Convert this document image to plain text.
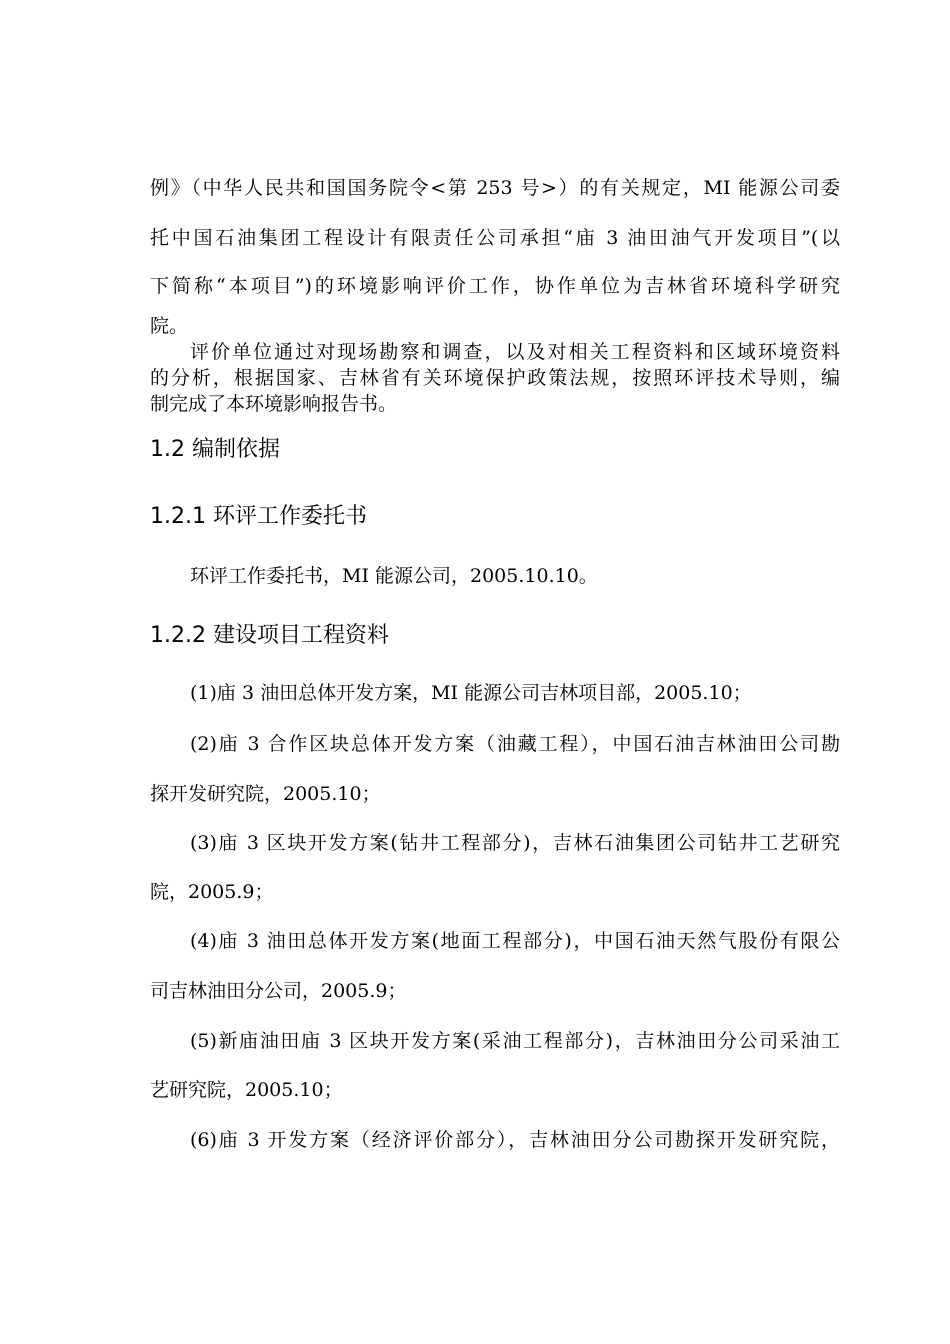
例》（中华人民共和国国务院令<第 253 号>）的有关规定，MI 能源公司委
托中国石油集团工程设计有限责任公司承担“庙 3 油田油气开发项目”(以
下简称“本项目”)的环境影响评价工作，协作单位为吉林省环境科学研究
院。
评价单位通过对现场勘察和调查，以及对相关工程资料和区域环境资料
的分析，根据国家、吉林省有关环境保护政策法规，按照环评技术导则，编
制完成了本环境影响报告书。
1.2 编制依据
1.2.1 环评工作委托书
环评工作委托书，MI 能源公司，2005.10.10。
1.2.2 建设项目工程资料
(1)庙 3 油田总体开发方案，MI 能源公司吉林项目部，2005.10；
(2)庙 3 合作区块总体开发方案（油藏工程），中国石油吉林油田公司勘
探开发研究院，2005.10；
(3)庙 3 区块开发方案(钻井工程部分)，吉林石油集团公司钻井工艺研究
院，2005.9；
(4)庙 3 油田总体开发方案(地面工程部分)，中国石油天然气股份有限公
司吉林油田分公司，2005.9；
(5)新庙油田庙 3 区块开发方案(采油工程部分)，吉林油田分公司采油工
艺研究院，2005.10；
(6)庙 3 开发方案（经济评价部分），吉林油田分公司勘探开发研究院，
